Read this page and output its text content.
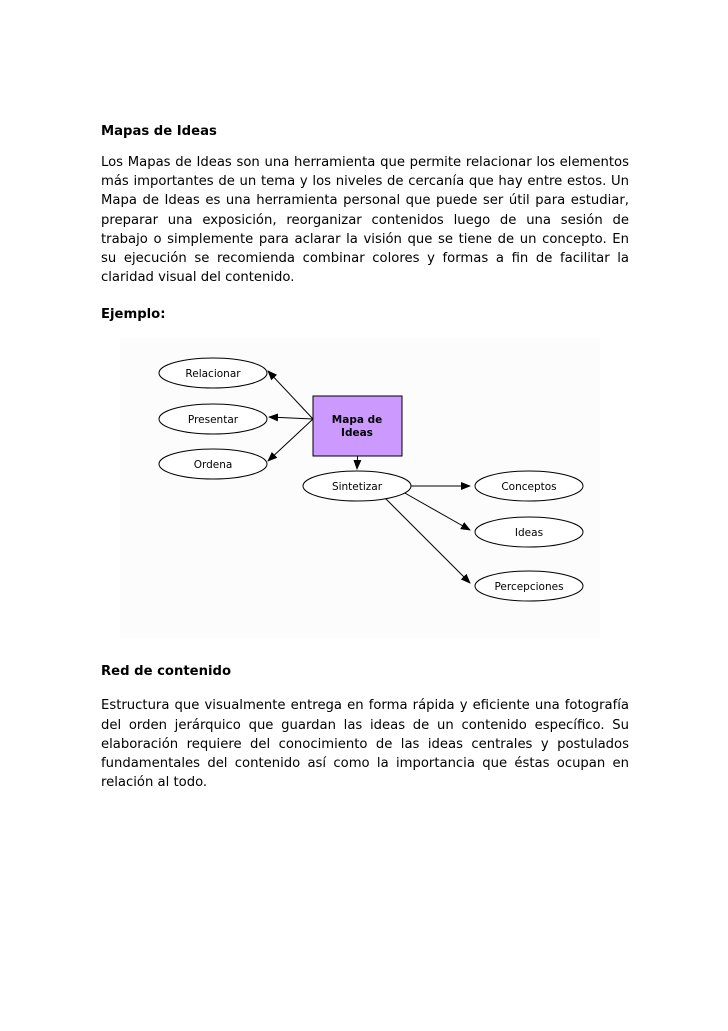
Mapas de Ideas

Los Mapas de Ideas son una herramienta que permite relacionar los elementos más importantes de un tema y los niveles de cercanía que hay entre estos. Un Mapa de Ideas es una herramienta personal que puede ser útil para estudiar, preparar una exposición, reorganizar contenidos luego de una sesión de trabajo o simplemente para aclarar la visión que se tiene de un concepto. En su ejecución se recomienda combinar colores y formas a fin de facilitar la claridad visual del contenido.

Ejemplo:
Relacionar
Presentar
Ordena
Mapa de
Ideas
Sintetizar	Conceptos
Ideas
Percepciones
Red de contenido

Estructura que visualmente entrega en forma rápida y eficiente una fotografía del orden jerárquico que guardan las ideas de un contenido específico. Su elaboración requiere del conocimiento de las ideas centrales y postulados fundamentales del contenido así como la importancia que éstas ocupan en relación al todo.
